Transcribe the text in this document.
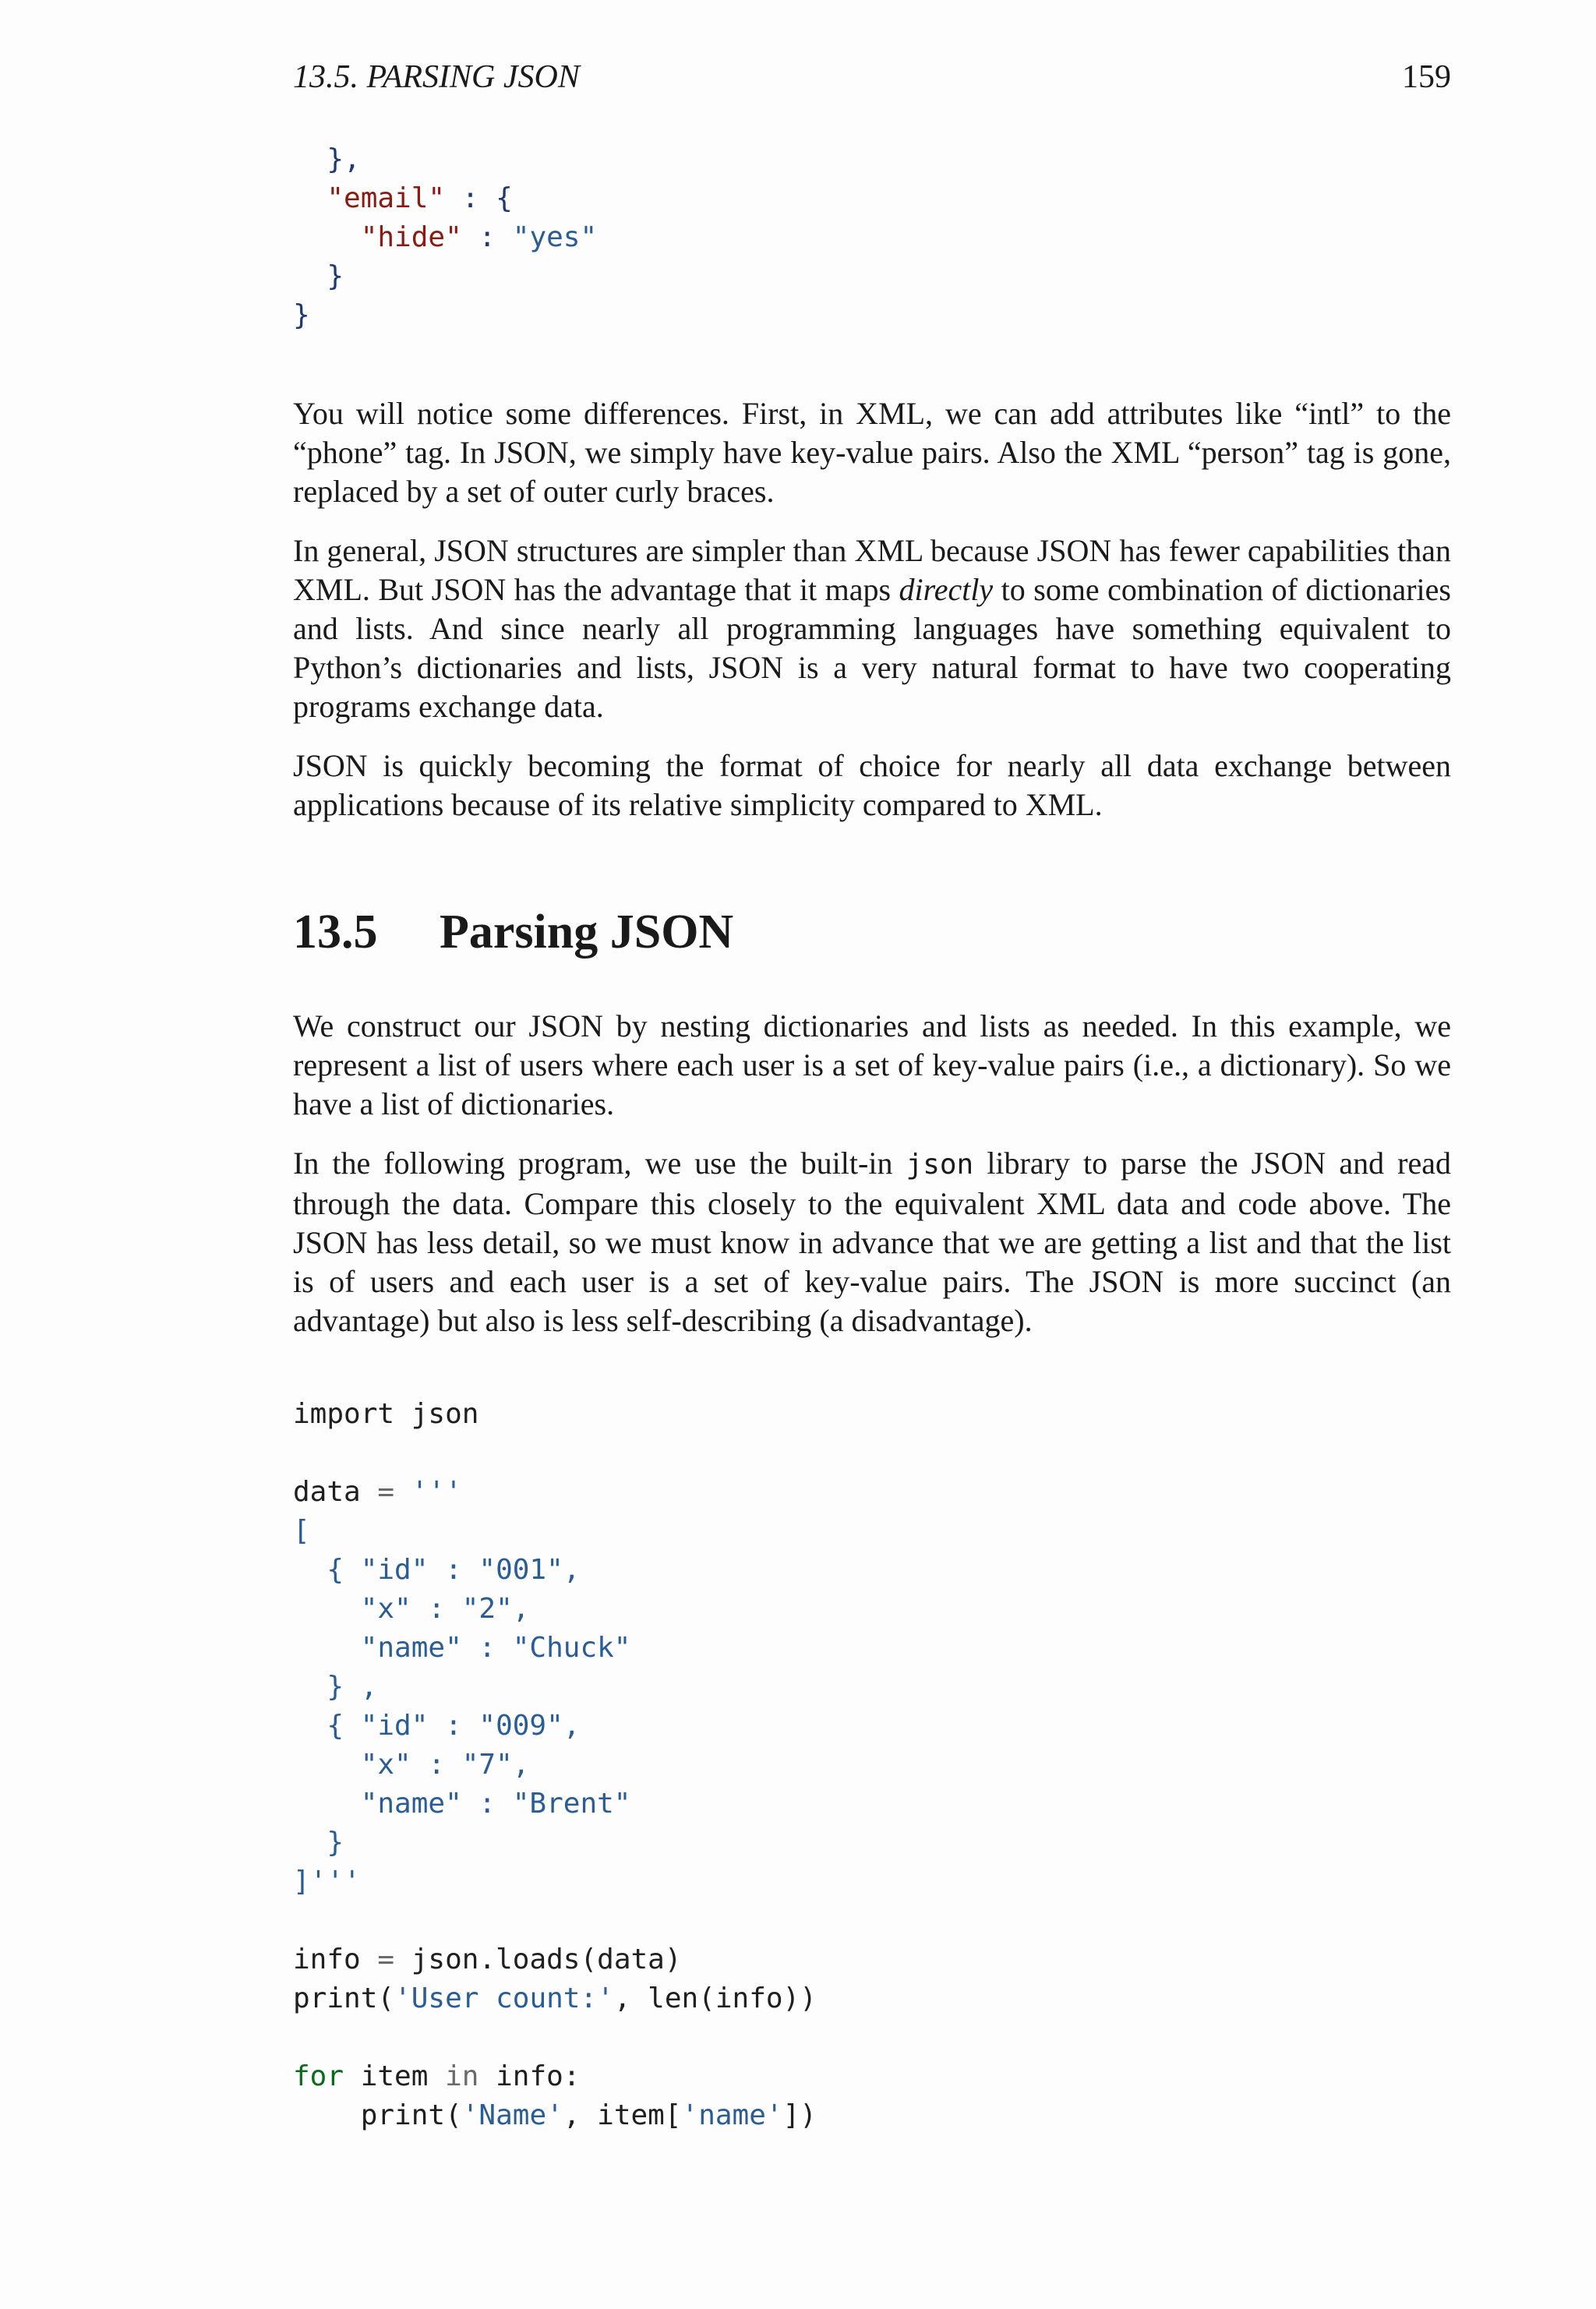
13.5. PARSING JSON	159
},
"email" : {
"hide" : "yes"
}
}

You will notice some differences. First, in XML, we can add attributes like “intl” to the “phone” tag. In JSON, we simply have key-value pairs. Also the XML “person” tag is gone, replaced by a set of outer curly braces.

In general, JSON structures are simpler than XML because JSON has fewer capabilities than XML. But JSON has the advantage that it maps directly to some combination of dictionaries and lists. And since nearly all programming languages have something equivalent to Python’s dictionaries and lists, JSON is a very natural format to have two cooperating programs exchange data.

JSON is quickly becoming the format of choice for nearly all data exchange between applications because of its relative simplicity compared to XML.

13.5 Parsing JSON

We construct our JSON by nesting dictionaries and lists as needed. In this example, we represent a list of users where each user is a set of key-value pairs (i.e., a dictionary). So we have a list of dictionaries.

In the following program, we use the built-in json library to parse the JSON and read through the data. Compare this closely to the equivalent XML data and code above. The JSON has less detail, so we must know in advance that we are getting a list and that the list is of users and each user is a set of key-value pairs. The JSON is more succinct (an advantage) but also is less self-describing (a disadvantage).

import json

data = '''
[
{ "id" : "001",
"x" : "2",
"name" : "Chuck"
} ,
{ "id" : "009",
"x" : "7",
"name" : "Brent"
}
]'''

info = json.loads(data)
print('User count:', len(info))

for item in info:
print('Name', item['name'])
